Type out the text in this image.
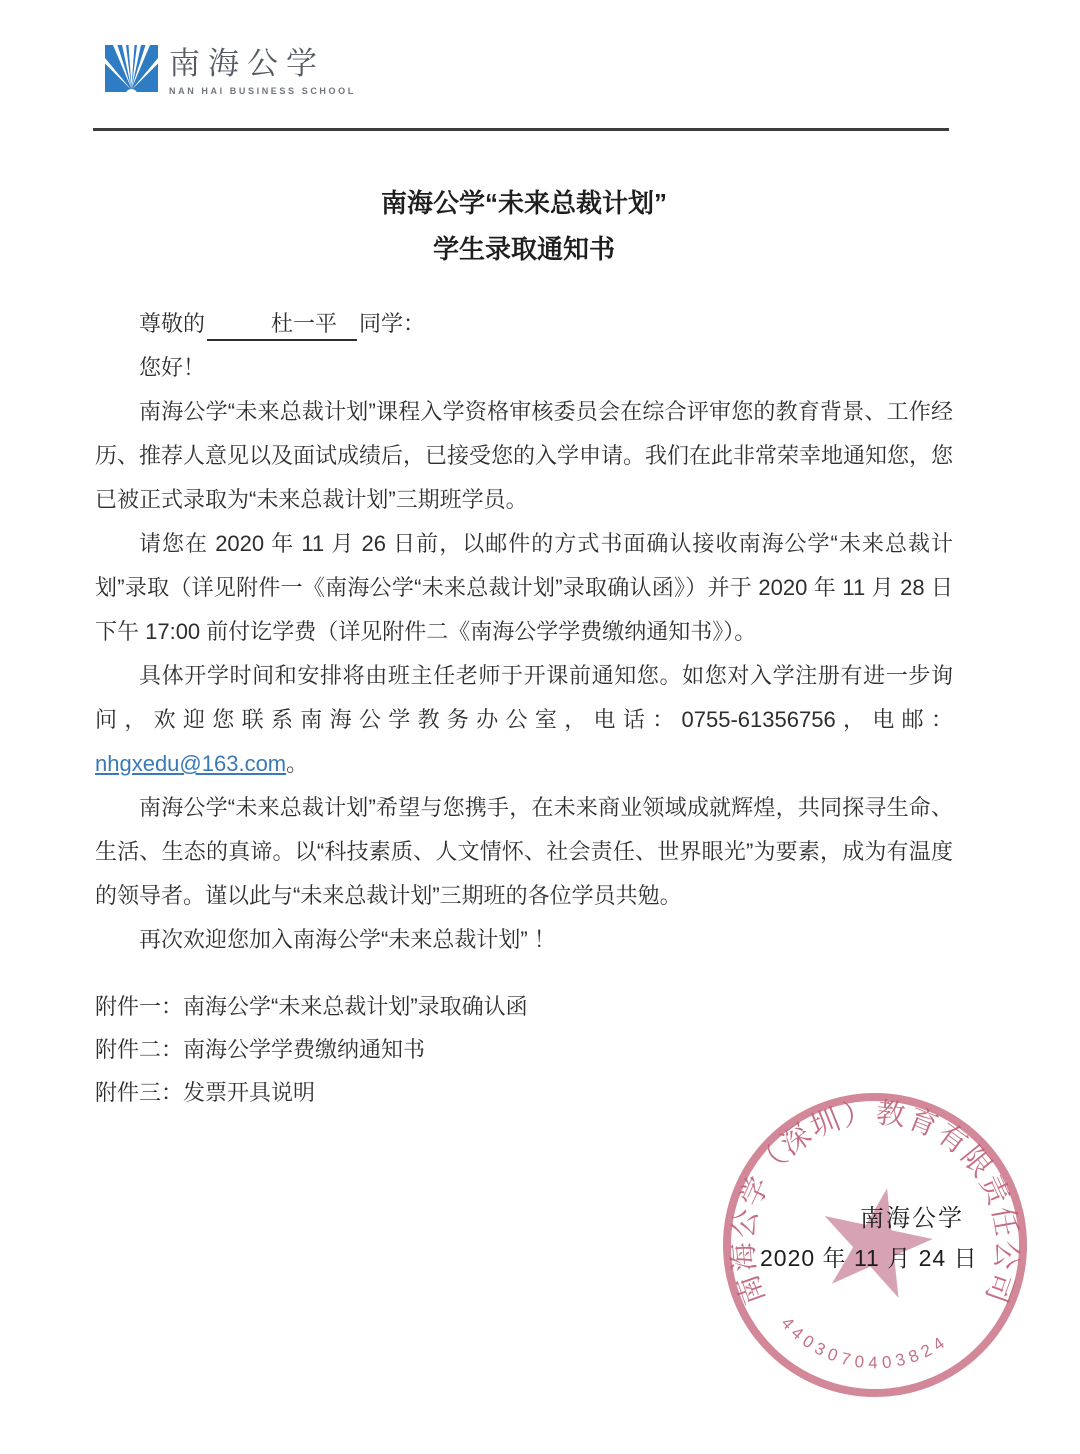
南海公学
NAN HAI BUSINESS SCHOOL
南海公学“未来总裁计划”
学生录取通知书

尊敬的	杜一平 同学：

您好！

南海公学“未来总裁计划”课程入学资格审核委员会在综合评审您的教育背景、工作经历、推荐人意见以及面试成绩后，已接受您的入学申请。我们在此非常荣幸地通知您，您已被正式录取为“未来总裁计划”三期班学员。

请您在 2020 年 11 月 26 日前，以邮件的方式书面确认接收南海公学“未来总裁计划”录取（详见附件一《南海公学“未来总裁计划”录取确认函》）并于 2020 年 11 月 28 日下午 17:00 前付讫学费（详见附件二《南海公学学费缴纳通知书》）。

具体开学时间和安排将由班主任老师于开课前通知您。如您对入学注册有进一步询问，欢迎您联系南海公学教务办公室，电话：0755-61356756，电邮：nhgxedu@163.com。

南海公学“未来总裁计划”希望与您携手，在未来商业领域成就辉煌，共同探寻生命、生活、生态的真谛。以“科技素质、人文情怀、社会责任、世界眼光”为要素，成为有温度的领导者。谨以此与“未来总裁计划”三期班的各位学员共勉。

再次欢迎您加入南海公学“未来总裁计划” ！

附件一：南海公学“未来总裁计划”录取确认函
附件二：南海公学学费缴纳通知书
附件三：发票开具说明
南海公学（深圳）教育有限责任公司
4403070403824
南海公学
2020 年 11 月 24 日
